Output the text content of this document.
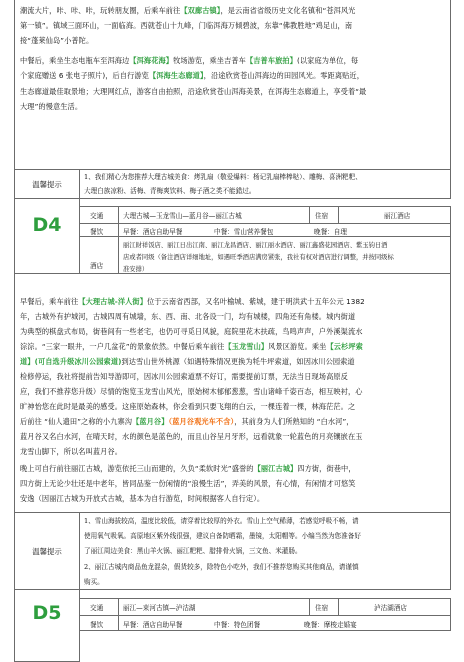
潮流大片，咔、咔、咔，玩转朋友圈，后乘车前往【双廊古镇】，是云南省省级历史文化名镇和“苍洱风光
第一镇”。镇域三面环山，一面临海。西就苍山十九峰，门临洱海万倾碧波，东靠“佛教胜地”鸡足山，南
接“蓬莱仙岛”小普陀。
中餐后，乘坐生态电瓶车至洱海边【洱海花海】牧场游览，乘坐吉普车【吉普车旅拍】(以家庭为单位，每
个家庭赠送 6 张电子照片)，后自行游览【洱海生态廊道】，沿途欣赏苍山洱海边的田园风光。零距离贴近，
生态廊道最佳取景地；大理网红点，游客自由拍照，沿途欣赏苍山洱海美景，在洱海生态廊道上，享受着“最
大理”的慢意生活。
温馨提示
1、我们精心为您推荐大理古城美食：烤乳扇（敬爱爆料：杨记乳扇棒棒哒）、雕梅、喜洲粑粑、
大理白族凉粉、活梅、青梅爽饮料、梅子酒之类不能錯过。
D4	交通	大理古城—玉龙雪山—蓝月谷—丽江古城	住宿	丽江酒店
餐饮	早餐：酒店自助早餐	中餐：雪山营养餐包	晚餐：自理
酒店
丽江財祥饭店、丽江日出江南、丽江龙昌酒店、丽江丽水酒店、丽江鑫盛花园酒店、紫玉钧日酒
店或者同级（备注酒店详细地址，如遇旺季酒店满房紧张，我社有权对酒店进行调整，并按同级标
准安排）
早餐后，乘车前往【大理古城-洋人街】位于云南省西部，又名叶榆城、紫城，建于明洪武十五年公元 1382
年，古城外有护城河，古城四周有城墙，东、西、南、北各设一门，均有城楼，四角还有角楼。城内街道
为典型的棋盘式布局，街巷间有一些老宅，也仍可寻觅日风貌，庭院里花木扶疏，鸟鸣声声，户外溪渠流水
淙淙。“三家一眼井，一户几盆花”的景象依然。中餐后乘车前往【玉龙雪山】风景区游览。乘坐【云杉坪索
道】(可自选升级冰川公园索道)到达雪山世外桃源（如遇特殊情况更换为牦牛坪索道，如因冰川公园索道
检修停运，我社将提前告知导游即可，因冰川公园索道票不好订，需要提前订票，无法当日现场高原反
应，我们不推荐您升级）尽情的饱览玉龙雪山风光，原始树木郁郁葱葱，雪山诸峰千姿百态，相互映衬，心
旷神怡您在此时是最美的感受。这座原始森林，你会看到只要飞翔的白云，一棵连着一棵，林海茫茫。之
后前往 “仙人遗田”之称的小九寨沟【蓝月谷】（蓝月谷观光车不含），其前身为人们所熟知的 “白水河”，
蓝月谷又名白水河，在晴天时，水的颜色是蓝色的，而且山谷呈月牙形，远看就象一轮蓝色的月亮镶嵌在玉
龙雪山脚下，所以名叫蓝月谷。
晚上可自行前往丽江古城，游览依托三山而建的，久负“柔软时光”盛誉的【丽江古城】四方街，街巷中，
四方街上无论少壮还是中老年，皆同品鉴一份闲情的“浪慢生活”，弄美的风景，有心情，有闲情才可悠笑
安逸（因丽江古城为开放式古城，基本为自行游览，时间根据客人自行定）。
温馨提示
1、雪山海拔较高，温度比较低，请穿着比较厚的外衣。雪山上空气稀薄，若感觉呼吸不畅，请
使用氧气吸氧。高原地区紫外线很强，建议自备防晒霜，墨镜，太阳帽等。小编当然为您准备好
了丽江周边美食：黑山羊火锅、丽江粑粑、腊排骨火锅，三文鱼、米灌肠。
2、丽江古城内商品鱼龙混杂，假货较多，除特色小吃外，我们不推荐您购买其他商品，请谨慎
购买。
D5	交通	丽江—束河古镇—泸沽湖	住宿	泸沽湖酒店
餐饮	早餐：酒店自助早餐	中餐：特色团餐	晚餐：摩梭走婚宴
